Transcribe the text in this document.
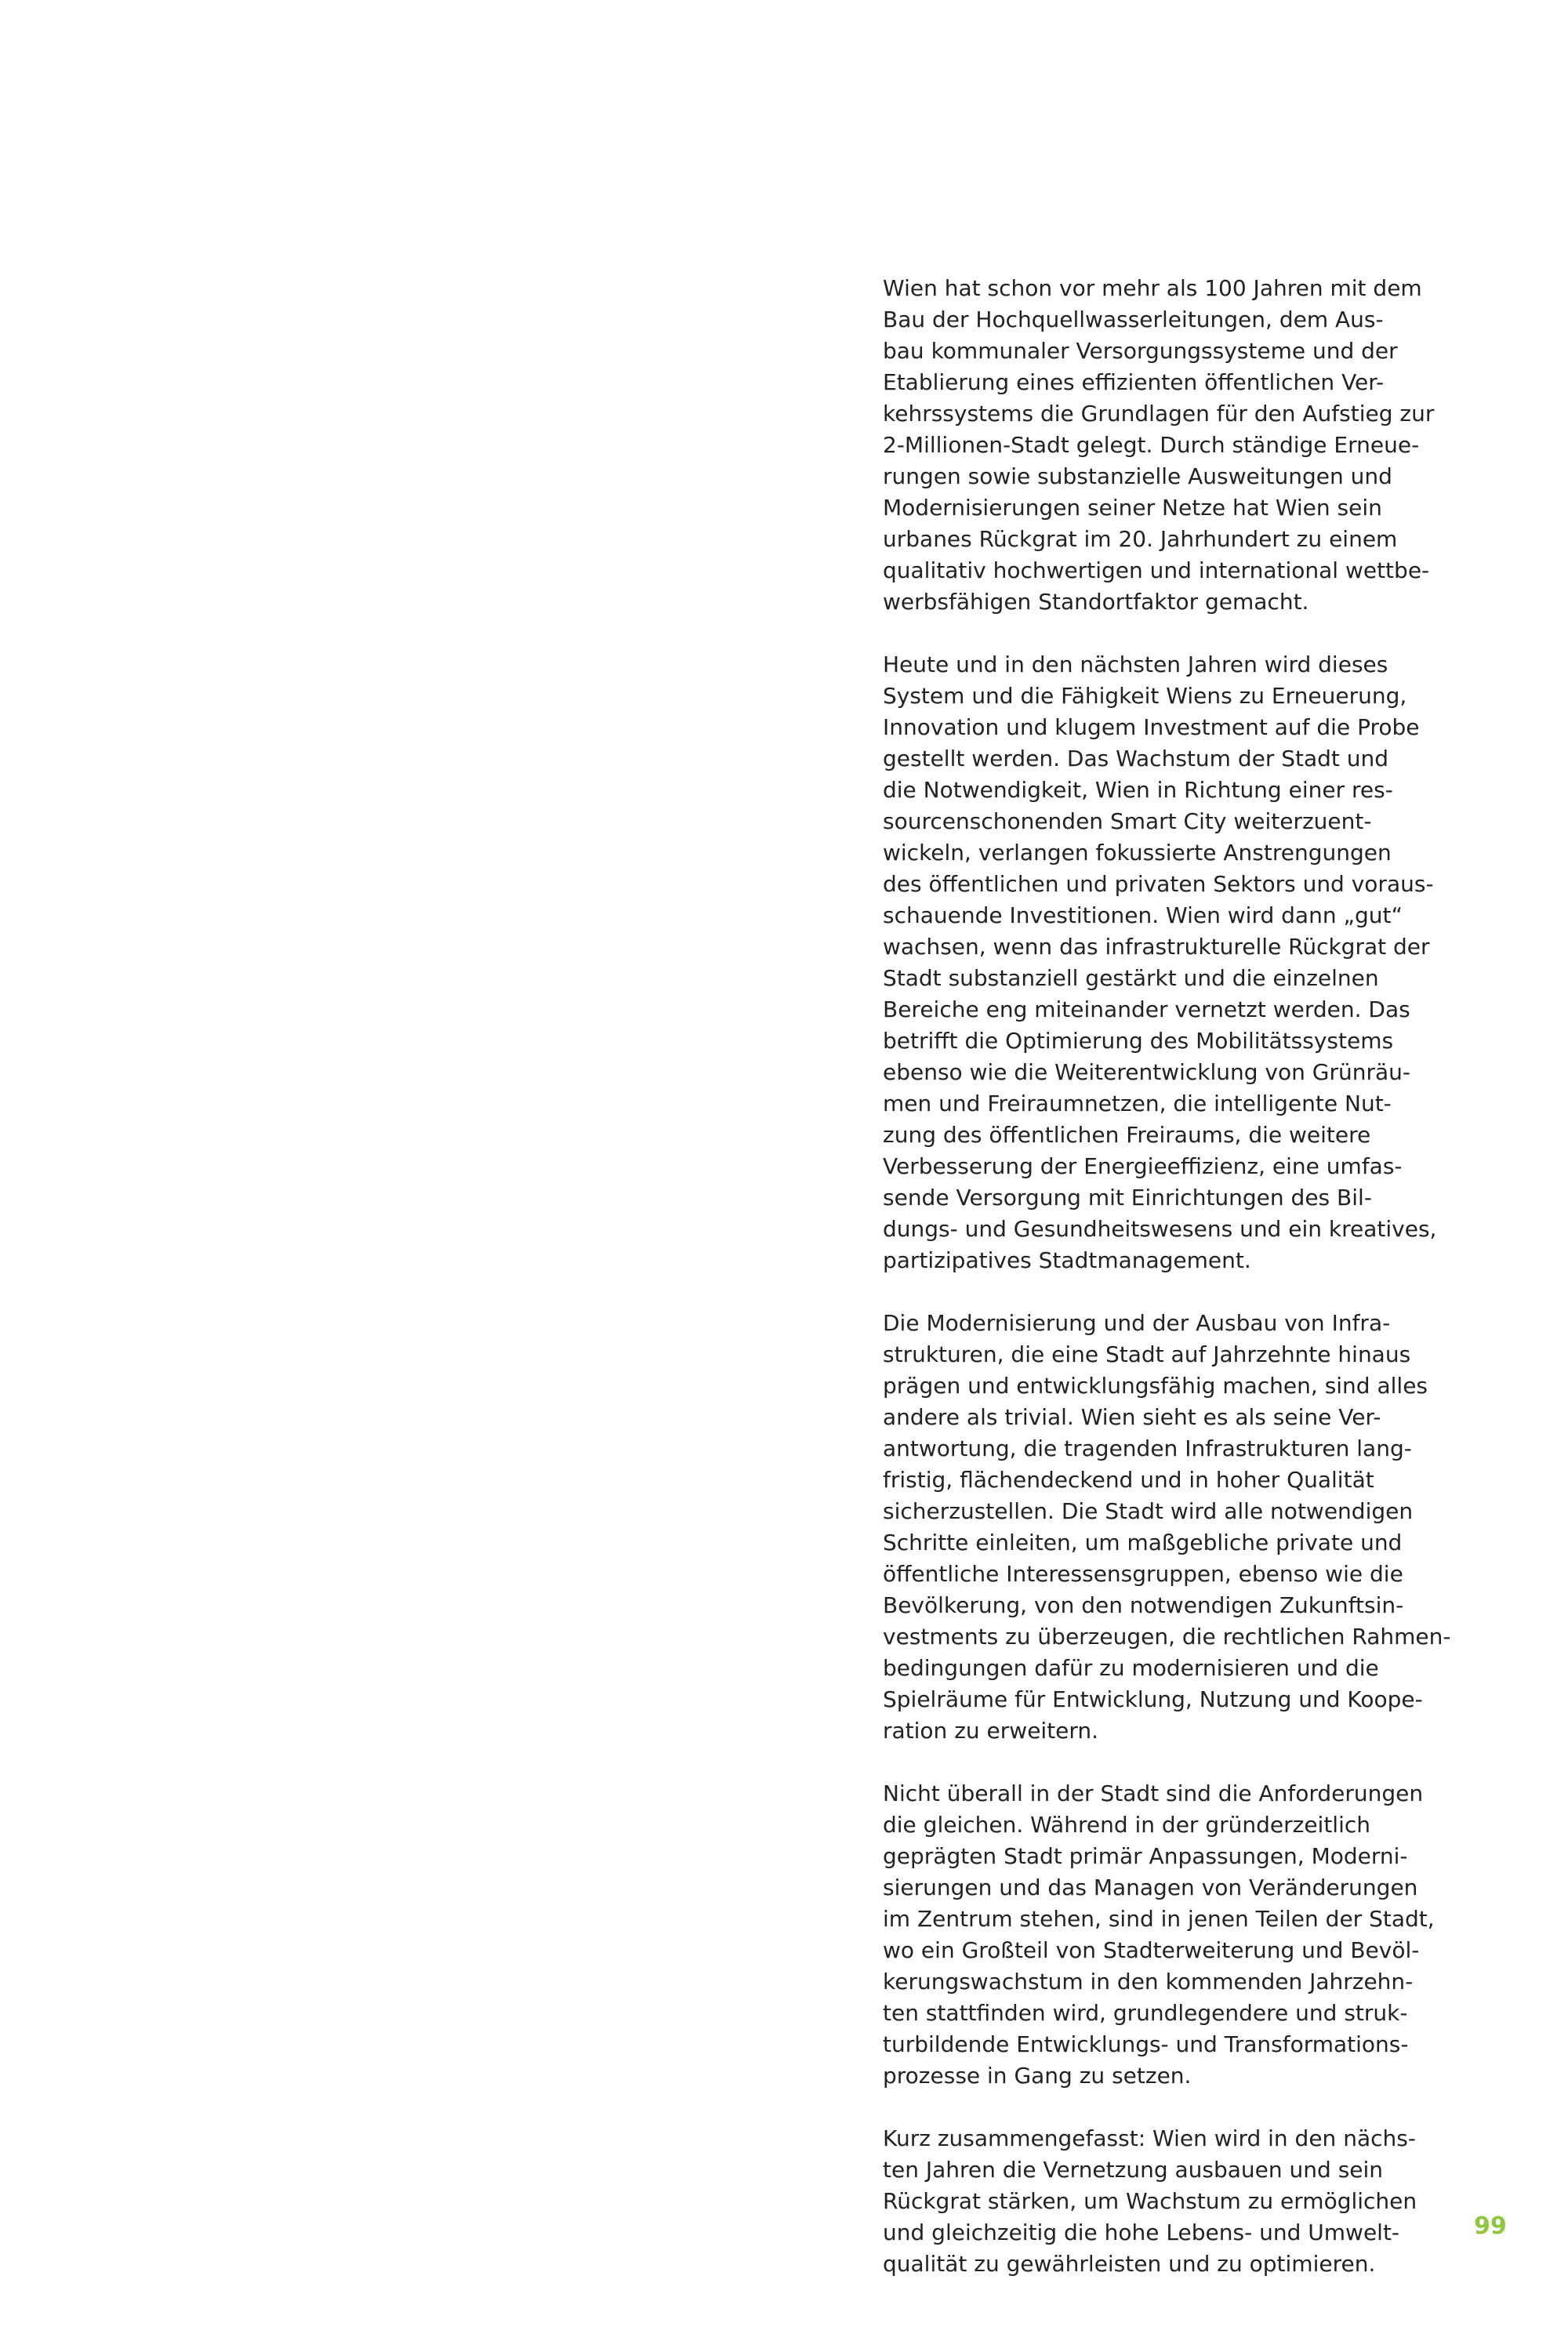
Wien hat schon vor mehr als 100 Jahren mit dem
Bau der Hochquellwasserleitungen, dem Aus-
bau kommunaler Versorgungssysteme und der
Etablierung eines effizienten öffentlichen Ver-
kehrssystems die Grundlagen für den Aufstieg zur
2-Millionen-Stadt gelegt. Durch ständige Erneue-
rungen sowie substanzielle Ausweitungen und
Modernisierungen seiner Netze hat Wien sein
urbanes Rückgrat im 20. Jahrhundert zu einem
qualitativ hochwertigen und international wettbe-
werbsfähigen Standortfaktor gemacht.

Heute und in den nächsten Jahren wird dieses
System und die Fähigkeit Wiens zu Erneuerung,
Innovation und klugem Investment auf die Probe
gestellt werden. Das Wachstum der Stadt und
die Notwendigkeit, Wien in Richtung einer res-
sourcenschonenden Smart City weiterzuent-
wickeln, verlangen fokussierte Anstrengungen
des öffentlichen und privaten Sektors und voraus-
schauende Investitionen. Wien wird dann „gut“
wachsen, wenn das infrastrukturelle Rückgrat der
Stadt substanziell gestärkt und die einzelnen
Bereiche eng miteinander vernetzt werden. Das
betrifft die Optimierung des Mobilitätssystems
ebenso wie die Weiterentwicklung von Grünräu-
men und Freiraumnetzen, die intelligente Nut-
zung des öffentlichen Freiraums, die weitere
Verbesserung der Energieeffizienz, eine umfas-
sende Versorgung mit Einrichtungen des Bil-
dungs- und Gesundheitswesens und ein kreatives,
partizipatives Stadtmanagement.

Die Modernisierung und der Ausbau von Infra-
strukturen, die eine Stadt auf Jahrzehnte hinaus
prägen und entwicklungsfähig machen, sind alles
andere als trivial. Wien sieht es als seine Ver-
antwortung, die tragenden Infrastrukturen lang-
fristig, flächendeckend und in hoher Qualität
sicherzustellen. Die Stadt wird alle notwendigen
Schritte einleiten, um maßgebliche private und
öffentliche Interessensgruppen, ebenso wie die
Bevölkerung, von den notwendigen Zukunftsin-
vestments zu überzeugen, die rechtlichen Rahmen-
bedingungen dafür zu modernisieren und die
Spielräume für Entwicklung, Nutzung und Koope-
ration zu erweitern.

Nicht überall in der Stadt sind die Anforderungen
die gleichen. Während in der gründerzeitlich
geprägten Stadt primär Anpassungen, Moderni-
sierungen und das Managen von Veränderungen
im Zentrum stehen, sind in jenen Teilen der Stadt,
wo ein Großteil von Stadterweiterung und Bevöl-
kerungswachstum in den kommenden Jahrzehn-
ten stattfinden wird, grundlegendere und struk-
turbildende Entwicklungs- und Transformations-
prozesse in Gang zu setzen.

Kurz zusammengefasst: Wien wird in den nächs-
ten Jahren die Vernetzung ausbauen und sein
Rückgrat stärken, um Wachstum zu ermöglichen
und gleichzeitig die hohe Lebens- und Umwelt-
qualität zu gewährleisten und zu optimieren.

99
